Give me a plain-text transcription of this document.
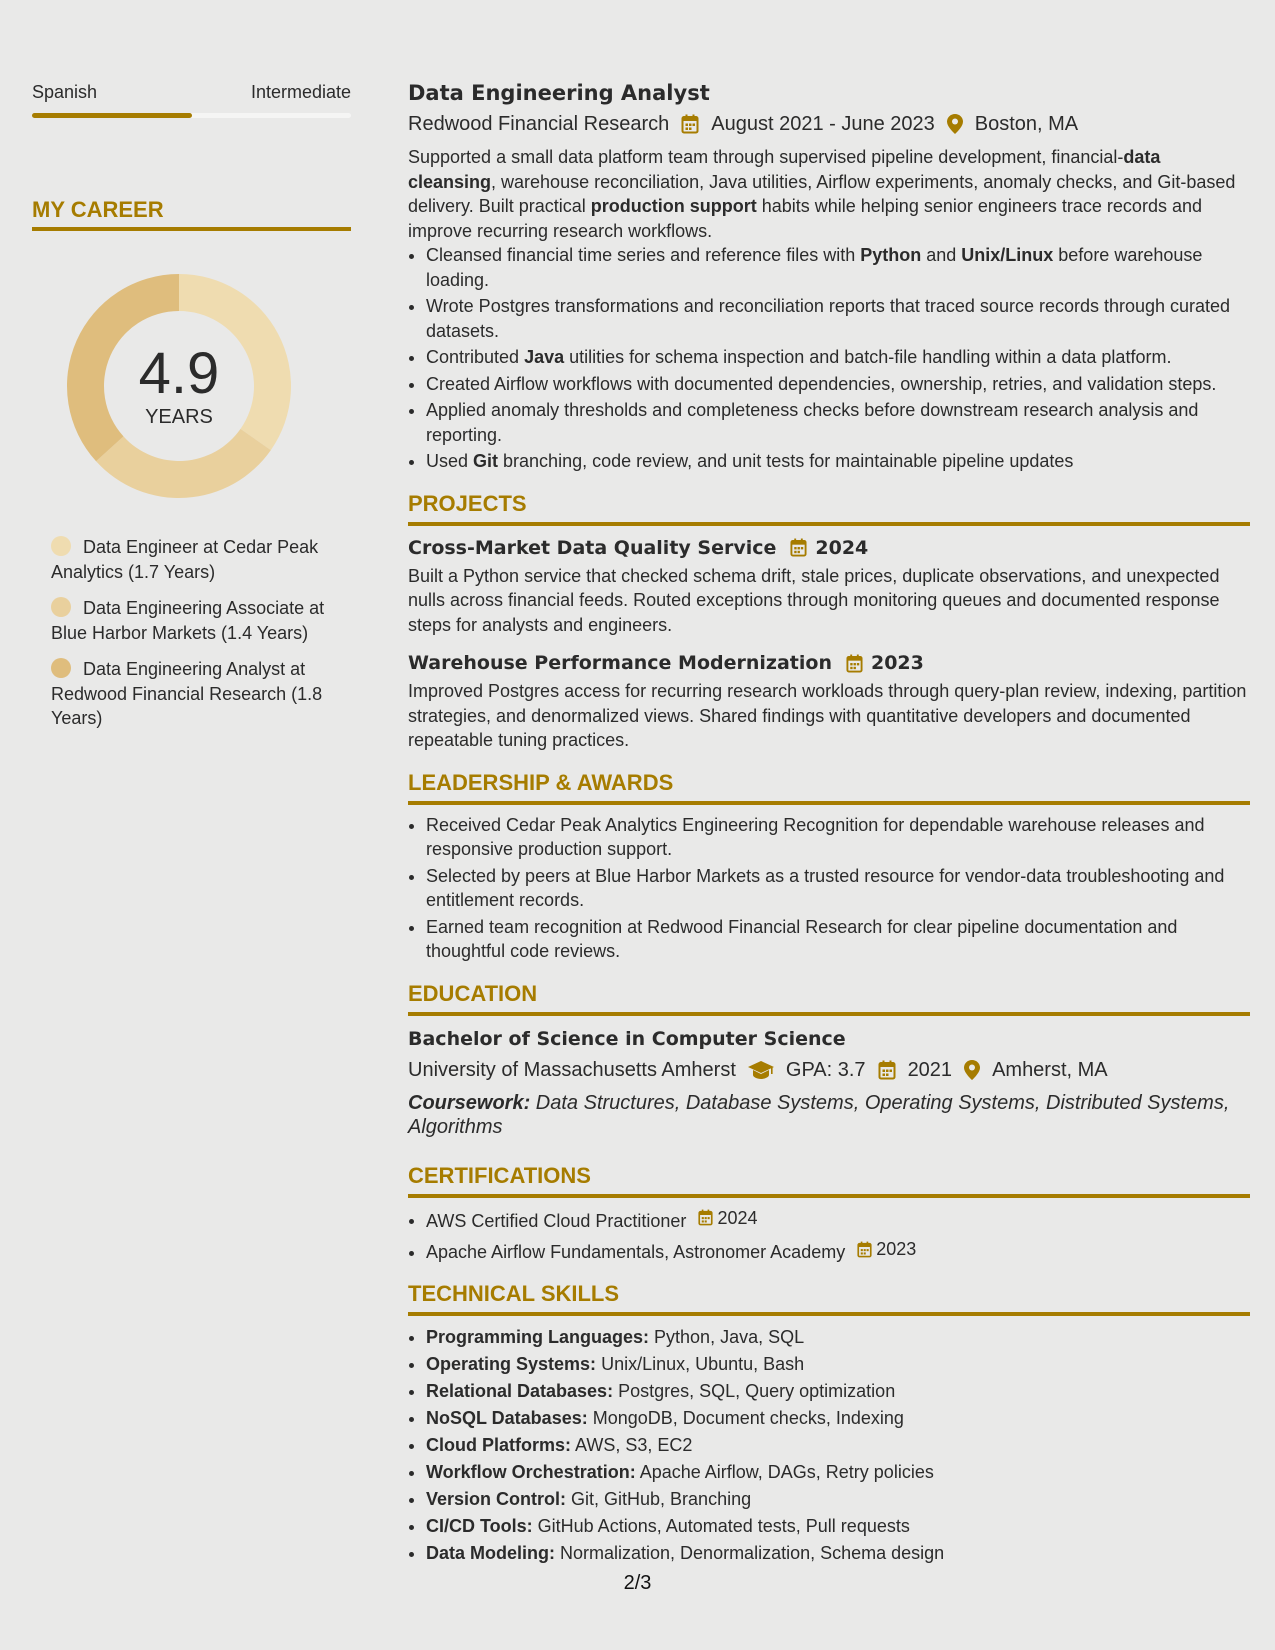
Spanish	Intermediate
MY CAREER
4.9
YEARS
Data Engineer at Cedar Peak Analytics (1.7 Years)
Data Engineering Associate at Blue Harbor Markets (1.4 Years)
Data Engineering Analyst at Redwood Financial Research (1.8 Years)
Data Engineering Analyst
Redwood Financial Research August 2021 - June 2023 Boston, MA

Supported a small data platform team through supervised pipeline development, financial-data cleansing, warehouse reconciliation, Java utilities, Airflow experiments, anomaly checks, and Git-based delivery. Built practical production support habits while helping senior engineers trace records and improve recurring research workflows.

• Cleansed financial time series and reference files with Python and Unix/Linux before warehouse loading.
• Wrote Postgres transformations and reconciliation reports that traced source records through curated datasets.
• Contributed Java utilities for schema inspection and batch-file handling within a data platform.
• Created Airflow workflows with documented dependencies, ownership, retries, and validation steps.
• Applied anomaly thresholds and completeness checks before downstream research analysis and reporting.
• Used Git branching, code review, and unit tests for maintainable pipeline updates
PROJECTS
Cross-Market Data Quality Service 2024

Built a Python service that checked schema drift, stale prices, duplicate observations, and unexpected nulls across financial feeds. Routed exceptions through monitoring queues and documented response steps for analysts and engineers.

Warehouse Performance Modernization 2023

Improved Postgres access for recurring research workloads through query-plan review, indexing, partition strategies, and denormalized views. Shared findings with quantitative developers and documented repeatable tuning practices.

LEADERSHIP & AWARDS
• Received Cedar Peak Analytics Engineering Recognition for dependable warehouse releases and responsive production support.
• Selected by peers at Blue Harbor Markets as a trusted resource for vendor-data troubleshooting and entitlement records.
• Earned team recognition at Redwood Financial Research for clear pipeline documentation and thoughtful code reviews.
EDUCATION
Bachelor of Science in Computer Science
University of Massachusetts Amherst	GPA: 3.7 2021 Amherst, MA

Coursework: Data Structures, Database Systems, Operating Systems, Distributed Systems, Algorithms

CERTIFICATIONS
• AWS Certified Cloud Practitioner 2024
• Apache Airflow Fundamentals, Astronomer Academy 2023
TECHNICAL SKILLS
• Programming Languages: Python, Java, SQL
• Operating Systems: Unix/Linux, Ubuntu, Bash
• Relational Databases: Postgres, SQL, Query optimization
• NoSQL Databases: MongoDB, Document checks, Indexing
• Cloud Platforms: AWS, S3, EC2
• Workflow Orchestration: Apache Airflow, DAGs, Retry policies
• Version Control: Git, GitHub, Branching
• CI/CD Tools: GitHub Actions, Automated tests, Pull requests
• Data Modeling: Normalization, Denormalization, Schema design
2/3
